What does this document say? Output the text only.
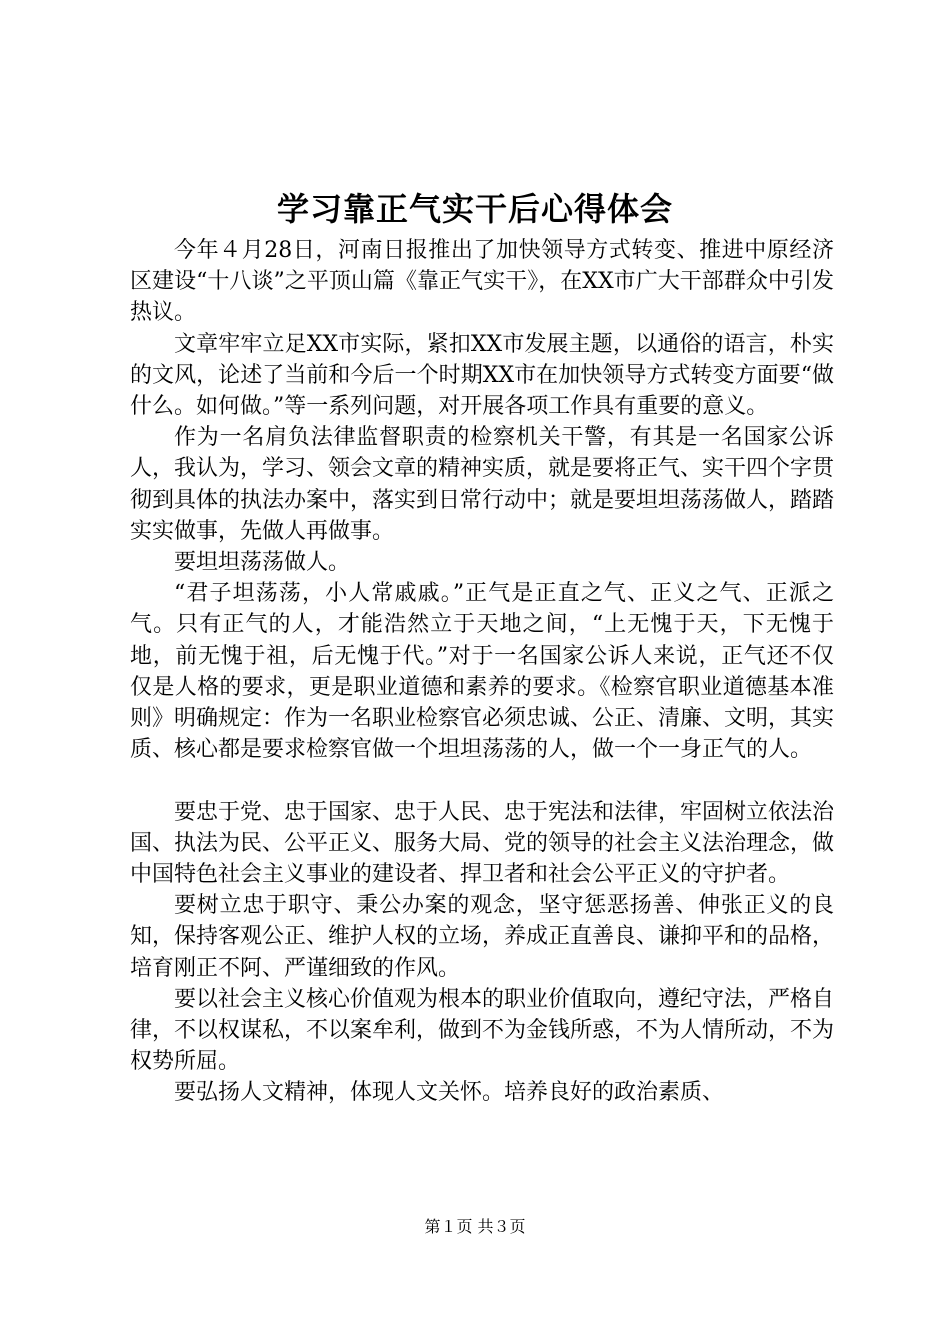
学习靠正气实干后心得体会

今年４月28日，河南日报推出了加快领导方式转变、推进中原经济区建设“十八谈”之平顶山篇《靠正气实干》，在XX市广大干部群众中引发热议。

文章牢牢立足XX市实际，紧扣XX市发展主题，以通俗的语言，朴实的文风，论述了当前和今后一个时期XX市在加快领导方式转变方面要“做什么。如何做。”等一系列问题，对开展各项工作具有重要的意义。

作为一名肩负法律监督职责的检察机关干警，有其是一名国家公诉人，我认为，学习、领会文章的精神实质，就是要将正气、实干四个字贯彻到具体的执法办案中，落实到日常行动中；就是要坦坦荡荡做人，踏踏实实做事，先做人再做事。

要坦坦荡荡做人。

“君子坦荡荡，小人常戚戚。”正气是正直之气、正义之气、正派之气。只有正气的人，才能浩然立于天地之间，“上无愧于天，下无愧于地，前无愧于祖，后无愧于代。”对于一名国家公诉人来说，正气还不仅仅是人格的要求，更是职业道德和素养的要求。《检察官职业道德基本准则》明确规定：作为一名职业检察官必须忠诚、公正、清廉、文明，其实质、核心都是要求检察官做一个坦坦荡荡的人，做一个一身正气的人。

要忠于党、忠于国家、忠于人民、忠于宪法和法律，牢固树立依法治国、执法为民、公平正义、服务大局、党的领导的社会主义法治理念，做中国特色社会主义事业的建设者、捍卫者和社会公平正义的守护者。

要树立忠于职守、秉公办案的观念，坚守惩恶扬善、伸张正义的良知，保持客观公正、维护人权的立场，养成正直善良、谦抑平和的品格，培育刚正不阿、严谨细致的作风。

要以社会主义核心价值观为根本的职业价值取向，遵纪守法，严格自律，不以权谋私，不以案牟利，做到不为金钱所惑，不为人情所动，不为权势所屈。

要弘扬人文精神，体现人文关怀。培养良好的政治素质、

第１页 共３页
